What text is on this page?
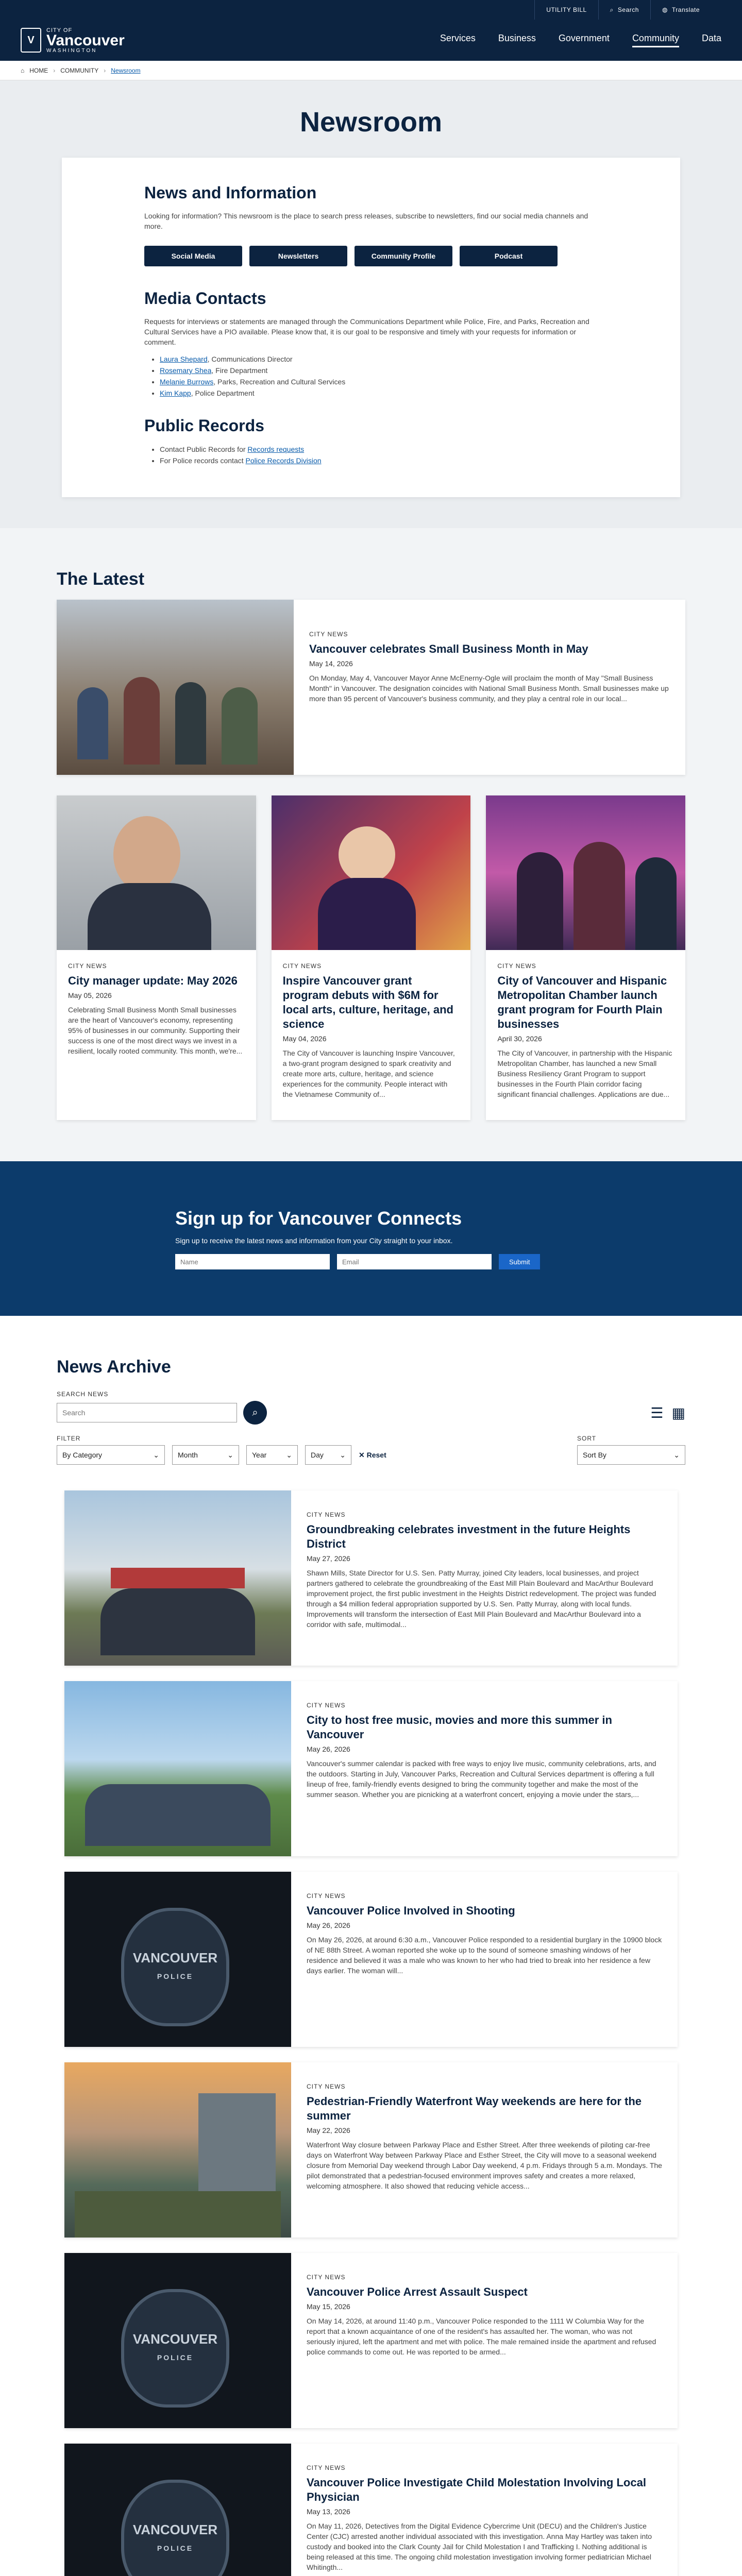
UTILITY BILL	⌕ Search	◍ Translate
V
CITY OF
Vancouver
WASHINGTON
Services Business Government Community Data
⌂ HOME › COMMUNITY › Newsroom
Newsroom
News and Information

Looking for information? This newsroom is the place to search press releases, subscribe to newsletters, find our social media channels and more.

Social Media	Newsletters	Community Profile	Podcast
Media Contacts

Requests for interviews or statements are managed through the Communications Department while Police, Fire, and Parks, Recreation and Cultural Services have a PIO available. Please know that, it is our goal to be responsive and timely with your requests for information or comment.

• Laura Shepard, Communications Director
• Rosemary Shea, Fire Department
• Melanie Burrows, Parks, Recreation and Cultural Services
• Kim Kapp, Police Department
Public Records
• Contact Public Records for Records requests
• For Police records contact Police Records Division
The Latest
CITY NEWS
Vancouver celebrates Small Business Month in May
May 14, 2026
On Monday, May 4, Vancouver Mayor Anne McEnerny-Ogle will proclaim the month of May "Small Business Month" in Vancouver. The designation coincides with National Small Business Month. Small businesses make up more than 95 percent of Vancouver's business community, and they play a central role in our local...
CITY NEWS
City manager update: May 2026
May 05, 2026
Celebrating Small Business Month Small businesses are the heart of Vancouver's economy, representing 95% of businesses in our community. Supporting their success is one of the most direct ways we invest in a resilient, locally rooted community. This month, we're...
CITY NEWS
Inspire Vancouver grant program debuts with $6M for local arts, culture, heritage, and science
May 04, 2026
The City of Vancouver is launching Inspire Vancouver, a two-grant program designed to spark creativity and create more arts, culture, heritage, and science experiences for the community. People interact with the Vietnamese Community of...
CITY NEWS
City of Vancouver and Hispanic Metropolitan Chamber launch grant program for Fourth Plain businesses
April 30, 2026
The City of Vancouver, in partnership with the Hispanic Metropolitan Chamber, has launched a new Small Business Resiliency Grant Program to support businesses in the Fourth Plain corridor facing significant financial challenges. Applications are due...
Sign up for Vancouver Connects

Sign up to receive the latest news and information from your City straight to your inbox.

Name
Email
Submit
News Archive
SEARCH NEWS
Search
⌕	☰ ▦
FILTER
By Category	⌄	Month	⌄	Year	⌄	Day ⌄ ✕ Reset
SORT
Sort By	⌄
CITY NEWS
Groundbreaking celebrates investment in the future Heights District
May 27, 2026
Shawn Mills, State Director for U.S. Sen. Patty Murray, joined City leaders, local businesses, and project partners gathered to celebrate the groundbreaking of the East Mill Plain Boulevard and MacArthur Boulevard improvement project, the first public investment in the Heights District redevelopment. The project was funded through a $4 million federal appropriation supported by U.S. Sen. Patty Murray, along with local funds. Improvements will transform the intersection of East Mill Plain Boulevard and MacArthur Boulevard into a corridor with safe, multimodal...
CITY NEWS
City to host free music, movies and more this summer in Vancouver
May 26, 2026
Vancouver's summer calendar is packed with free ways to enjoy live music, community celebrations, arts, and the outdoors. Starting in July, Vancouver Parks, Recreation and Cultural Services department is offering a full lineup of free, family-friendly events designed to bring the community together and make the most of the summer season. Whether you are picnicking at a waterfront concert, enjoying a movie under the stars,...
VANCOUVER
POLICE
CITY NEWS
Vancouver Police Involved in Shooting
May 26, 2026
On May 26, 2026, at around 6:30 a.m., Vancouver Police responded to a residential burglary in the 10900 block of NE 88th Street. A woman reported she woke up to the sound of someone smashing windows of her residence and believed it was a male who was known to her who had tried to break into her residence a few days earlier. The woman will...
CITY NEWS
Pedestrian-Friendly Waterfront Way weekends are here for the summer
May 22, 2026
Waterfront Way closure between Parkway Place and Esther Street. After three weekends of piloting car-free days on Waterfront Way between Parkway Place and Esther Street, the City will move to a seasonal weekend closure from Memorial Day weekend through Labor Day weekend, 4 p.m. Fridays through 5 a.m. Mondays. The pilot demonstrated that a pedestrian-focused environment improves safety and creates a more relaxed, welcoming atmosphere. It also showed that reducing vehicle access...
VANCOUVER
POLICE
CITY NEWS
Vancouver Police Arrest Assault Suspect
May 15, 2026
On May 14, 2026, at around 11:40 p.m., Vancouver Police responded to the 1111 W Columbia Way for the report that a known acquaintance of one of the resident's has assaulted her. The woman, who was not seriously injured, left the apartment and met with police. The male remained inside the apartment and refused police commands to come out. He was reported to be armed...
VANCOUVER
POLICE
CITY NEWS
Vancouver Police Investigate Child Molestation Involving Local Physician
May 13, 2026
On May 11, 2026, Detectives from the Digital Evidence Cybercrime Unit (DECU) and the Children's Justice Center (CJC) arrested another individual associated with this investigation. Anna May Hartley was taken into custody and booked into the Clark County Jail for Child Molestation I and Trafficking I. Nothing additional is being released at this time. The ongoing child molestation investigation involving former pediatrician Michael Whitingth...
